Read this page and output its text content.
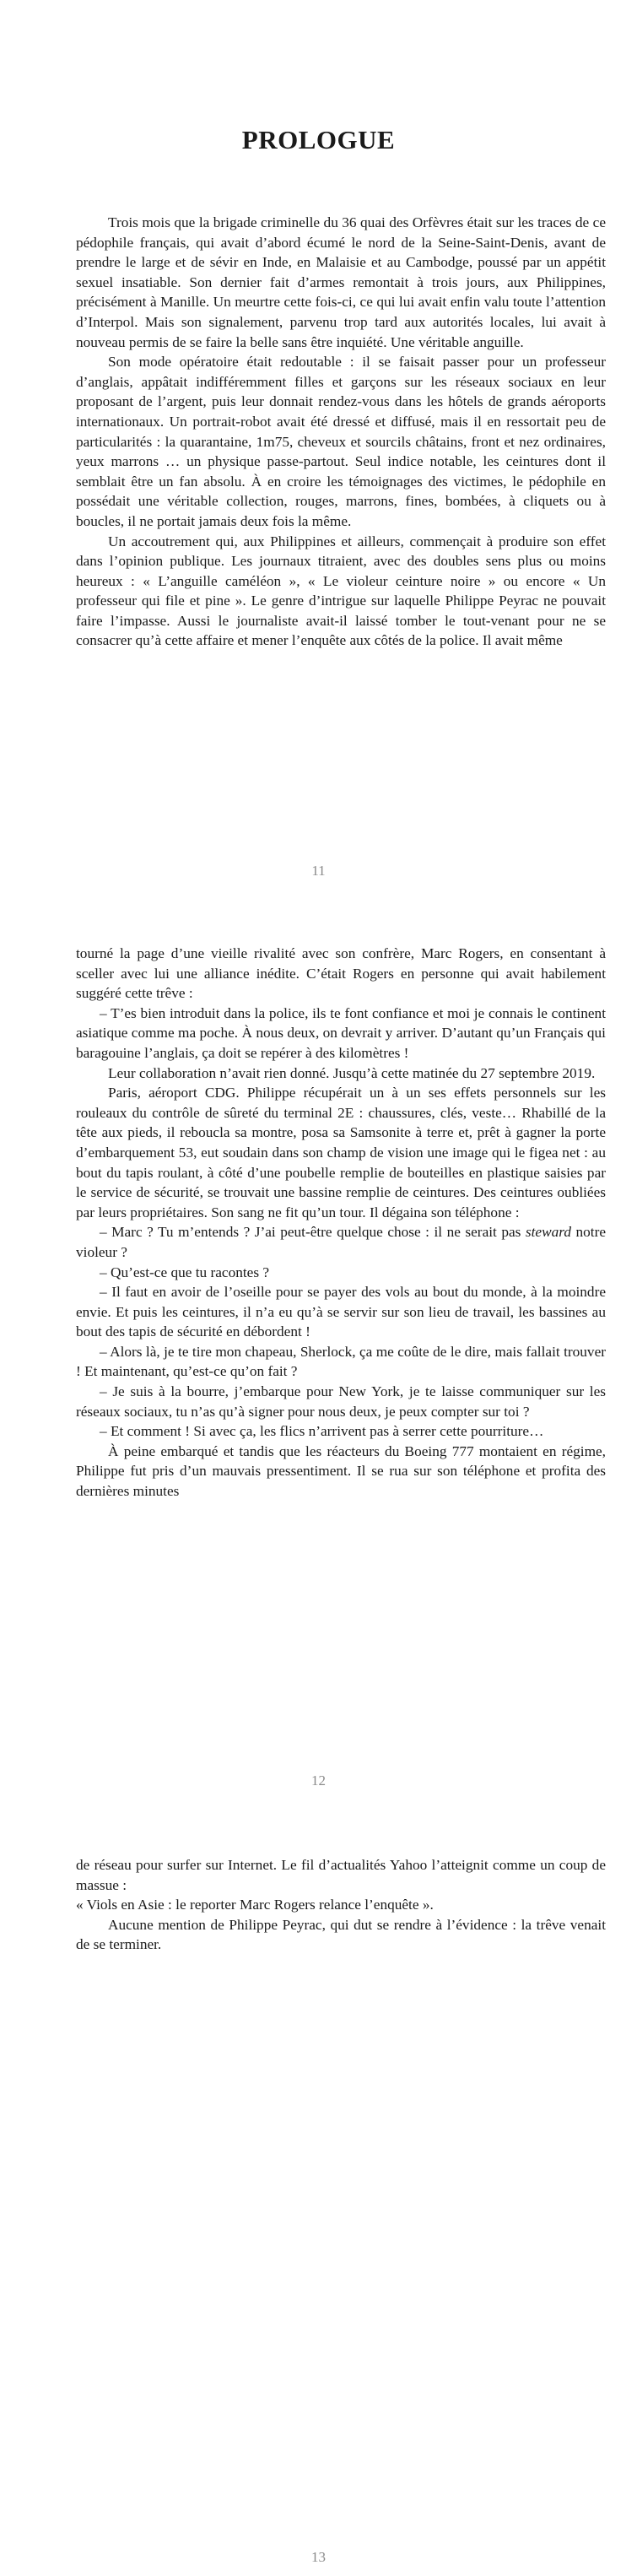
PROLOGUE

Trois mois que la brigade criminelle du 36 quai des Orfèvres était sur les traces de ce pédophile français, qui avait d’abord écumé le nord de la Seine-Saint-Denis, avant de prendre le large et de sévir en Inde, en Malaisie et au Cambodge, poussé par un appétit sexuel insatiable. Son dernier fait d’armes remontait à trois jours, aux Philippines, précisément à Manille. Un meurtre cette fois-ci, ce qui lui avait enfin valu toute l’attention d’Interpol. Mais son signalement, parvenu trop tard aux autorités locales, lui avait à nouveau permis de se faire la belle sans être inquiété. Une véritable anguille.

Son mode opératoire était redoutable : il se faisait passer pour un professeur d’anglais, appâtait indifféremment filles et garçons sur les réseaux sociaux en leur proposant de l’argent, puis leur donnait rendez-vous dans les hôtels de grands aéroports internationaux. Un portrait-robot avait été dressé et diffusé, mais il en ressortait peu de particularités : la quarantaine, 1m75, cheveux et sourcils châtains, front et nez ordinaires, yeux marrons … un physique passe-partout. Seul indice notable, les ceintures dont il semblait être un fan absolu. À en croire les témoignages des victimes, le pédophile en possédait une véritable collection, rouges, marrons, fines, bombées, à cliquets ou à boucles, il ne portait jamais deux fois la même.

Un accoutrement qui, aux Philippines et ailleurs, commençait à produire son effet dans l’opinion publique. Les journaux titraient, avec des doubles sens plus ou moins heureux : « L’anguille caméléon », « Le violeur ceinture noire » ou encore « Un professeur qui file et pine ». Le genre d’intrigue sur laquelle Philippe Peyrac ne pouvait faire l’impasse. Aussi le journaliste avait-il laissé tomber le tout-venant pour ne se consacrer qu’à cette affaire et mener l’enquête aux côtés de la police. Il avait même

11

tourné la page d’une vieille rivalité avec son confrère, Marc Rogers, en consentant à sceller avec lui une alliance inédite. C’était Rogers en personne qui avait habilement suggéré cette trêve :

– T’es bien introduit dans la police, ils te font confiance et moi je connais le continent asiatique comme ma poche. À nous deux, on devrait y arriver. D’autant qu’un Français qui baragouine l’anglais, ça doit se repérer à des kilomètres !

Leur collaboration n’avait rien donné. Jusqu’à cette matinée du 27 septembre 2019.

Paris, aéroport CDG. Philippe récupérait un à un ses effets personnels sur les rouleaux du contrôle de sûreté du terminal 2E : chaussures, clés, veste… Rhabillé de la tête aux pieds, il reboucla sa montre, posa sa Samsonite à terre et, prêt à gagner la porte d’embarquement 53, eut soudain dans son champ de vision une image qui le figea net : au bout du tapis roulant, à côté d’une poubelle remplie de bouteilles en plastique saisies par le service de sécurité, se trouvait une bassine remplie de ceintures. Des ceintures oubliées par leurs propriétaires. Son sang ne fit qu’un tour. Il dégaina son téléphone :

– Marc ? Tu m’entends ? J’ai peut-être quelque chose : il ne serait pas steward notre violeur ?

– Qu’est-ce que tu racontes ?

– Il faut en avoir de l’oseille pour se payer des vols au bout du monde, à la moindre envie. Et puis les ceintures, il n’a eu qu’à se servir sur son lieu de travail, les bassines au bout des tapis de sécurité en débordent !

– Alors là, je te tire mon chapeau, Sherlock, ça me coûte de le dire, mais fallait trouver ! Et maintenant, qu’est-ce qu’on fait ?

– Je suis à la bourre, j’embarque pour New York, je te laisse communiquer sur les réseaux sociaux, tu n’as qu’à signer pour nous deux, je peux compter sur toi ?

– Et comment ! Si avec ça, les flics n’arrivent pas à serrer cette pourriture…

À peine embarqué et tandis que les réacteurs du Boeing 777 montaient en régime, Philippe fut pris d’un mauvais pressentiment. Il se rua sur son téléphone et profita des dernières minutes

12

de réseau pour surfer sur Internet. Le fil d’actualités Yahoo l’atteignit comme un coup de massue :

« Viols en Asie : le reporter Marc Rogers relance l’enquête ».

Aucune mention de Philippe Peyrac, qui dut se rendre à l’évidence : la trêve venait de se terminer.

13
